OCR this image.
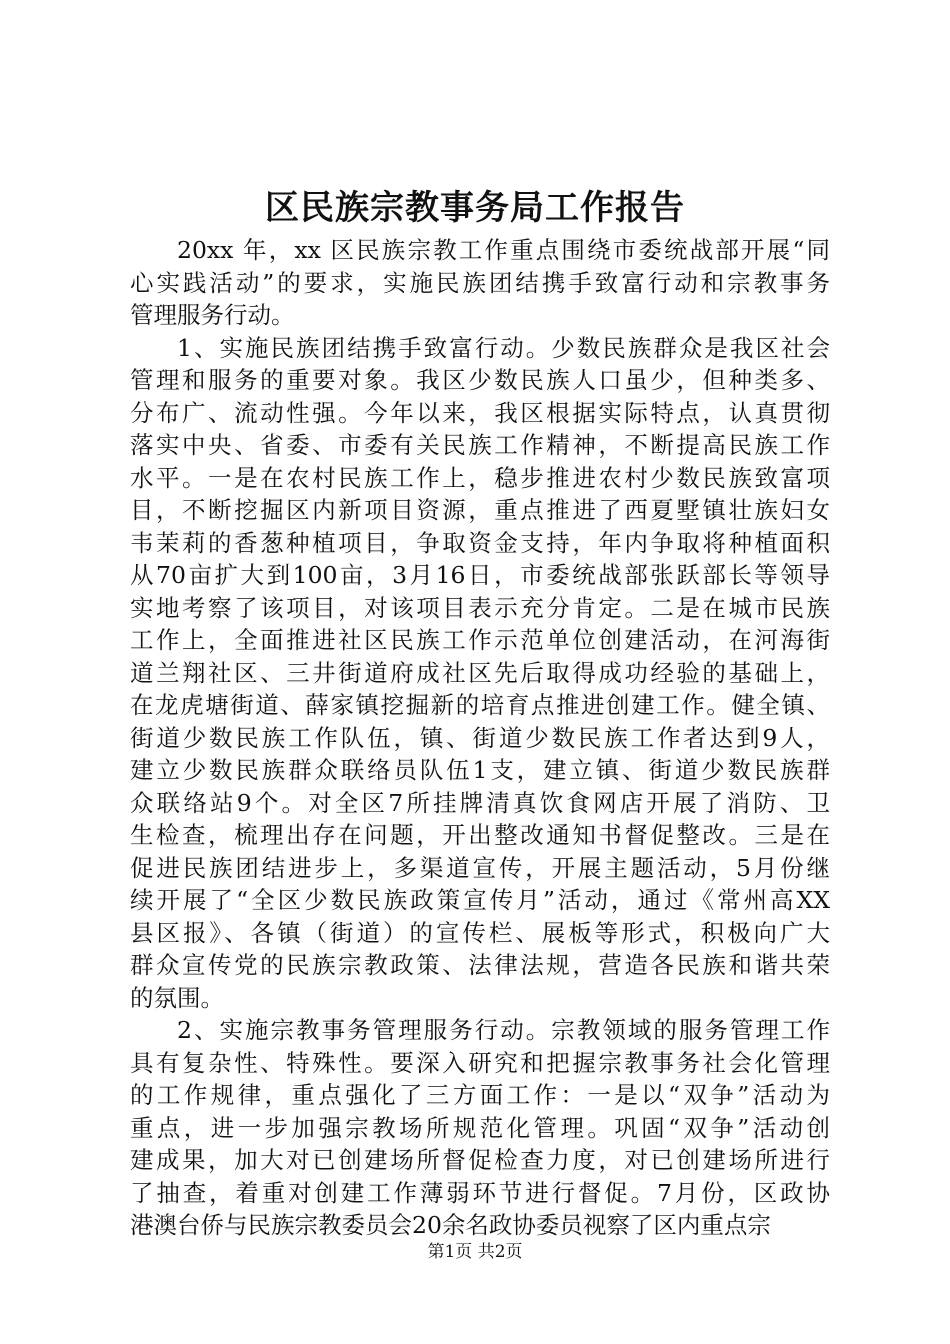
区民族宗教事务局工作报告
20xx 年，xx 区民族宗教工作重点围绕市委统战部开展“同
心实践活动”的要求，实施民族团结携手致富行动和宗教事务
管理服务行动。
1、实施民族团结携手致富行动。少数民族群众是我区社会
管理和服务的重要对象。我区少数民族人口虽少，但种类多、
分布广、流动性强。今年以来，我区根据实际特点，认真贯彻
落实中央、省委、市委有关民族工作精神，不断提高民族工作
水平。一是在农村民族工作上，稳步推进农村少数民族致富项
目，不断挖掘区内新项目资源，重点推进了西夏墅镇壮族妇女
韦茉莉的香葱种植项目，争取资金支持，年内争取将种植面积
从70亩扩大到100亩，3月16日，市委统战部张跃部长等领导
实地考察了该项目，对该项目表示充分肯定。二是在城市民族
工作上，全面推进社区民族工作示范单位创建活动，在河海街
道兰翔社区、三井街道府成社区先后取得成功经验的基础上，
在龙虎塘街道、薛家镇挖掘新的培育点推进创建工作。健全镇、
街道少数民族工作队伍，镇、街道少数民族工作者达到9人，
建立少数民族群众联络员队伍1支，建立镇、街道少数民族群
众联络站9个。对全区7所挂牌清真饮食网店开展了消防、卫
生检查，梳理出存在问题，开出整改通知书督促整改。三是在
促进民族团结进步上，多渠道宣传，开展主题活动，5月份继
续开展了“全区少数民族政策宣传月”活动，通过《常州高XX
县区报》、各镇（街道）的宣传栏、展板等形式，积极向广大
群众宣传党的民族宗教政策、法律法规，营造各民族和谐共荣
的氛围。
2、实施宗教事务管理服务行动。宗教领域的服务管理工作
具有复杂性、特殊性。要深入研究和把握宗教事务社会化管理
的工作规律，重点强化了三方面工作：一是以“双争”活动为
重点，进一步加强宗教场所规范化管理。巩固“双争”活动创
建成果，加大对已创建场所督促检查力度，对已创建场所进行
了抽查，着重对创建工作薄弱环节进行督促。7月份，区政协
港澳台侨与民族宗教委员会20余名政协委员视察了区内重点宗
第1页 共2页
